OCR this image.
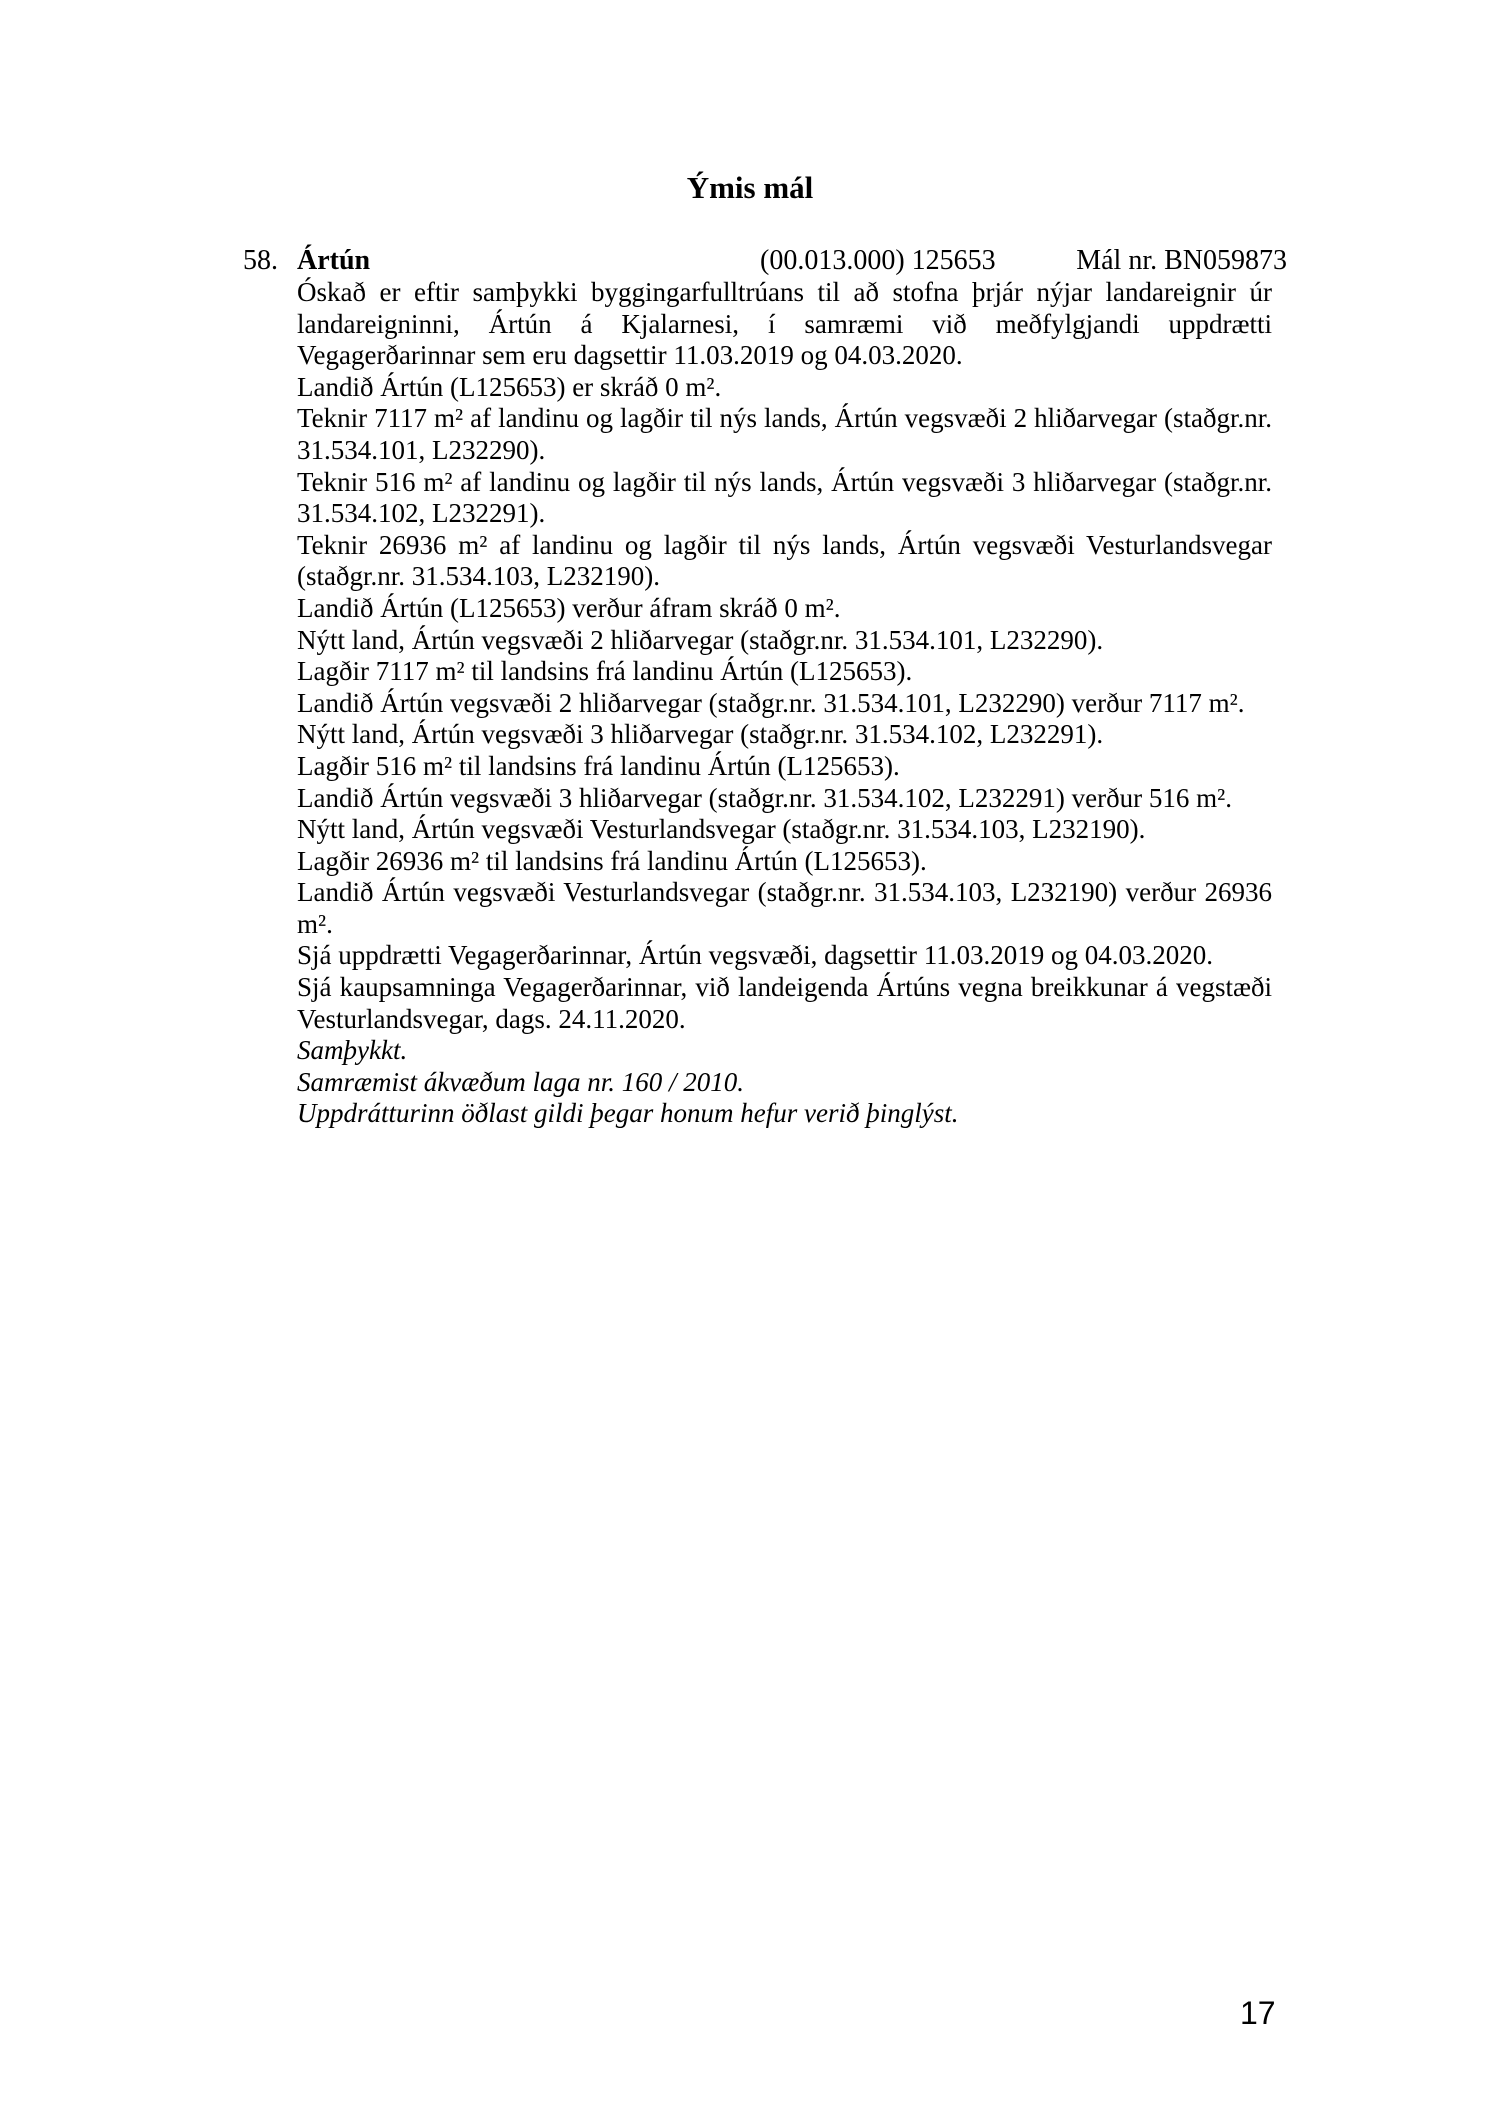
Ýmis mál
58. Ártún	(00.013.000) 125653	Mál nr. BN059873

Óskað er eftir samþykki byggingarfulltrúans til að stofna þrjár nýjar landareignir úr landareigninni, Ártún á Kjalarnesi, í samræmi við meðfylgjandi uppdrætti Vegagerðarinnar sem eru dagsettir 11.03.2019 og 04.03.2020.

Landið Ártún (L125653) er skráð 0 m².

Teknir 7117 m² af landinu og lagðir til nýs lands, Ártún vegsvæði 2 hliðarvegar (staðgr.nr. 31.534.101, L232290).

Teknir 516 m² af landinu og lagðir til nýs lands, Ártún vegsvæði 3 hliðarvegar (staðgr.nr. 31.534.102, L232291).

Teknir 26936 m² af landinu og lagðir til nýs lands, Ártún vegsvæði Vesturlandsvegar (staðgr.nr. 31.534.103, L232190).

Landið Ártún (L125653) verður áfram skráð 0 m².

Nýtt land, Ártún vegsvæði 2 hliðarvegar (staðgr.nr. 31.534.101, L232290).

Lagðir 7117 m² til landsins frá landinu Ártún (L125653).

Landið Ártún vegsvæði 2 hliðarvegar (staðgr.nr. 31.534.101, L232290) verður 7117 m².

Nýtt land, Ártún vegsvæði 3 hliðarvegar (staðgr.nr. 31.534.102, L232291).

Lagðir 516 m² til landsins frá landinu Ártún (L125653).

Landið Ártún vegsvæði 3 hliðarvegar (staðgr.nr. 31.534.102, L232291) verður 516 m².

Nýtt land, Ártún vegsvæði Vesturlandsvegar (staðgr.nr. 31.534.103, L232190).

Lagðir 26936 m² til landsins frá landinu Ártún (L125653).

Landið Ártún vegsvæði Vesturlandsvegar (staðgr.nr. 31.534.103, L232190) verður 26936 m².

Sjá uppdrætti Vegagerðarinnar, Ártún vegsvæði, dagsettir 11.03.2019 og 04.03.2020.

Sjá kaupsamninga Vegagerðarinnar, við landeigenda Ártúns vegna breikkunar á vegstæði Vesturlandsvegar, dags. 24.11.2020.

Samþykkt.

Samræmist ákvæðum laga nr. 160 / 2010.

Uppdrátturinn öðlast gildi þegar honum hefur verið þinglýst.

17
